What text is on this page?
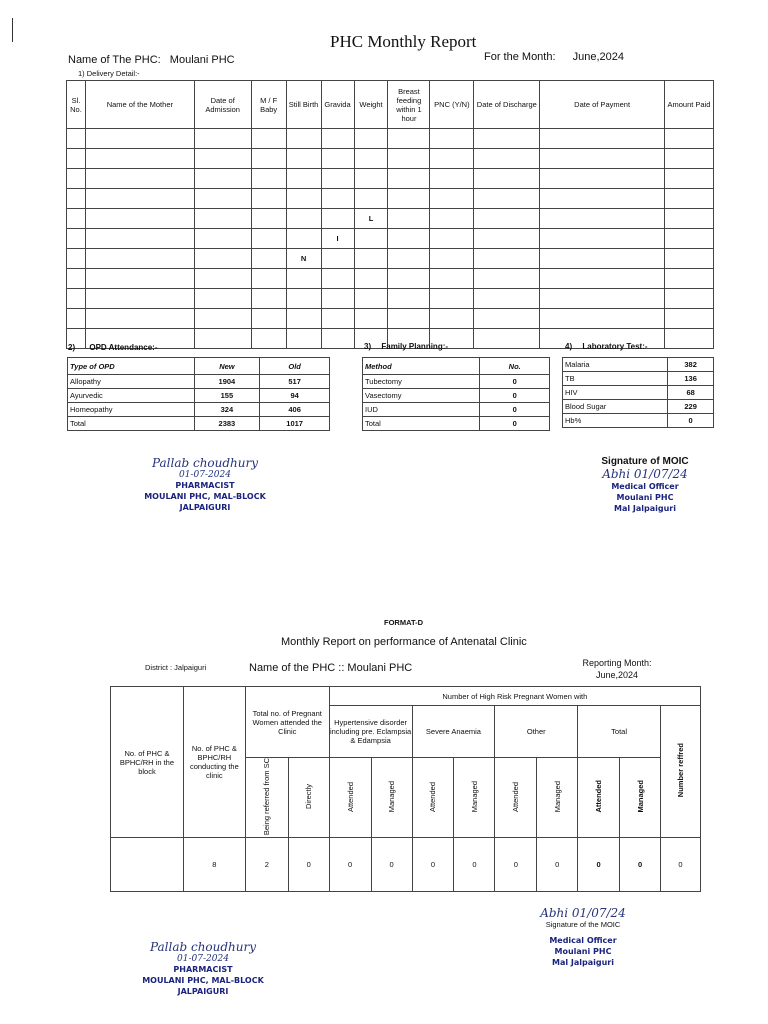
PHC Monthly Report
Name of The PHC: Moulani PHC	For the Month: June,2024
1) Delivery Detail:-
Sl. No.	Name of the Mother	Date of Admission	M / F Baby	Still Birth	Gravida	Weight	Breast feeding within 1 hour	PNC (Y/N)	Date of Discharge	Date of Payment	Amount Paid

						L					
					I						
				N							

2) OPD Attendance:-	3) Family Planning:-	4) Laboratory Test:-
Type of OPD	New	Old
Allopathy	1904	517
Ayurvedic	155	94
Homeopathy	324	406
Total	2383	1017
Method	No.
Tubectomy	0
Vasectomy	0
IUD	0
Total	0
Malaria	382
TB	136
HIV	68
Blood Sugar	229
Hb%	0
Pallab choudhury
01-07-2024
PHARMACIST
MOULANI PHC, MAL-BLOCK
JALPAIGURI
Signature of MOIC
Abhi 01/07/24
Medical Officer
Moulani PHC
Mal Jalpaiguri
FORMAT-D
Monthly Report on performance of Antenatal Clinic
District : Jalpaiguri	Name of the PHC :: Moulani PHC	Reporting Month:
June,2024
No. of PHC & BPHC/RH in the block	No. of PHC & BPHC/RH conducting the clinic	Total no. of Pregnant Women attended the Clinic		Number of High Risk Pregnant Women with								
				Hypertensive disorder including pre. Eclampsia & Edampsia		Severe Anaemia		Other		Total		Number reffred
		Being referred from SC	Directly	Attended	Managed	Attended	Managed	Attended	Managed	Attended	Managed	
	8	2	0	0	0	0	0	0	0	0	0	0
Abhi 01/07/24
Signature of the MOIC
Medical Officer
Moulani PHC
Mal Jalpaiguri
Pallab choudhury
01-07-2024
PHARMACIST
MOULANI PHC, MAL-BLOCK
JALPAIGURI
